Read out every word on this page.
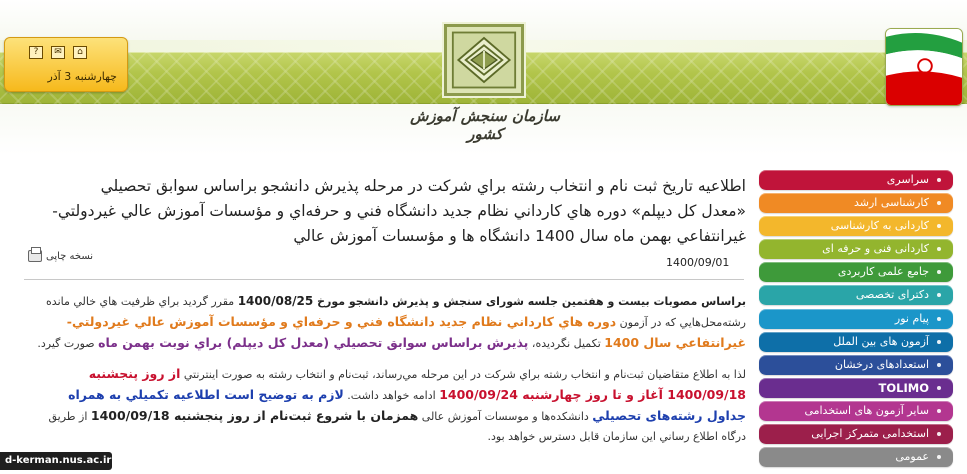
?	✉	⌂
چهارشنبه 3 آذر
سازمان سنجش آموزش کشور
سراسری
کارشناسی ارشد
کاردانی به کارشناسی
کاردانی فنی و حرفه ای
جامع علمی کاربردی
دکترای تخصصی
پیام نور
آزمون های بین الملل
استعدادهای درخشان
TOLIMO
سایر آزمون های استخدامی
استخدامی متمرکز اجرایی
عمومی
اطلاعیه تاريخ ثبت نام و انتخاب رشته براي شركت در مرحله پذيرش دانشجو براساس سوابق تحصيلي «معدل كل ديپلم» دوره هاي كارداني نظام جديد دانشگاه فني و حرفه‌اي و مؤسسات آموزش عالي غيردولتي- غيرانتفاعي بهمن ماه سال 1400 دانشگاه ها و مؤسسات آموزش عالي
نسخه چاپی	1400/09/01

براساس مصوبات بیست و هفتمین جلسه شورای سنجش و پذیرش دانشجو مورخ 1400/08/25 مقرر گرديد براي ظرفيت هاي خالي مانده رشته‌محل‌هايي كه در آزمون دوره هاي كارداني نظام جديد دانشگاه فني و حرفه‌اي و مؤسسات آموزش عالي غيردولتي- غيرانتفاعي سال 1400 تكميل نگرديده، پذيرش براساس سوابق تحصيلي (معدل كل ديپلم) براي نوبت بهمن ماه صورت گيرد.

لذا به اطلاع متقاضيان ثبت‌نام و انتخاب رشته براي شركت در اين مرحله مي‌رساند، ثبت‌نام و انتخاب رشته به صورت اينترنتي از روز پنجشنبه 1400/09/18 آغاز و تا روز چهارشنبه 1400/09/24 ادامه خواهد داشت. لازم به توضیح است اطلاعيه تكميلي به همراه جداول رشته‌های تحصيلي دانشكده‌ها و موسسات آموزش عالی همزمان با شروع ثبت‌نام از روز پنجشنبه 1400/09/18 از طريق درگاه اطلاع رساني اين سازمان قابل دسترس خواهد بود.

d-kerman.nus.ac.ir
